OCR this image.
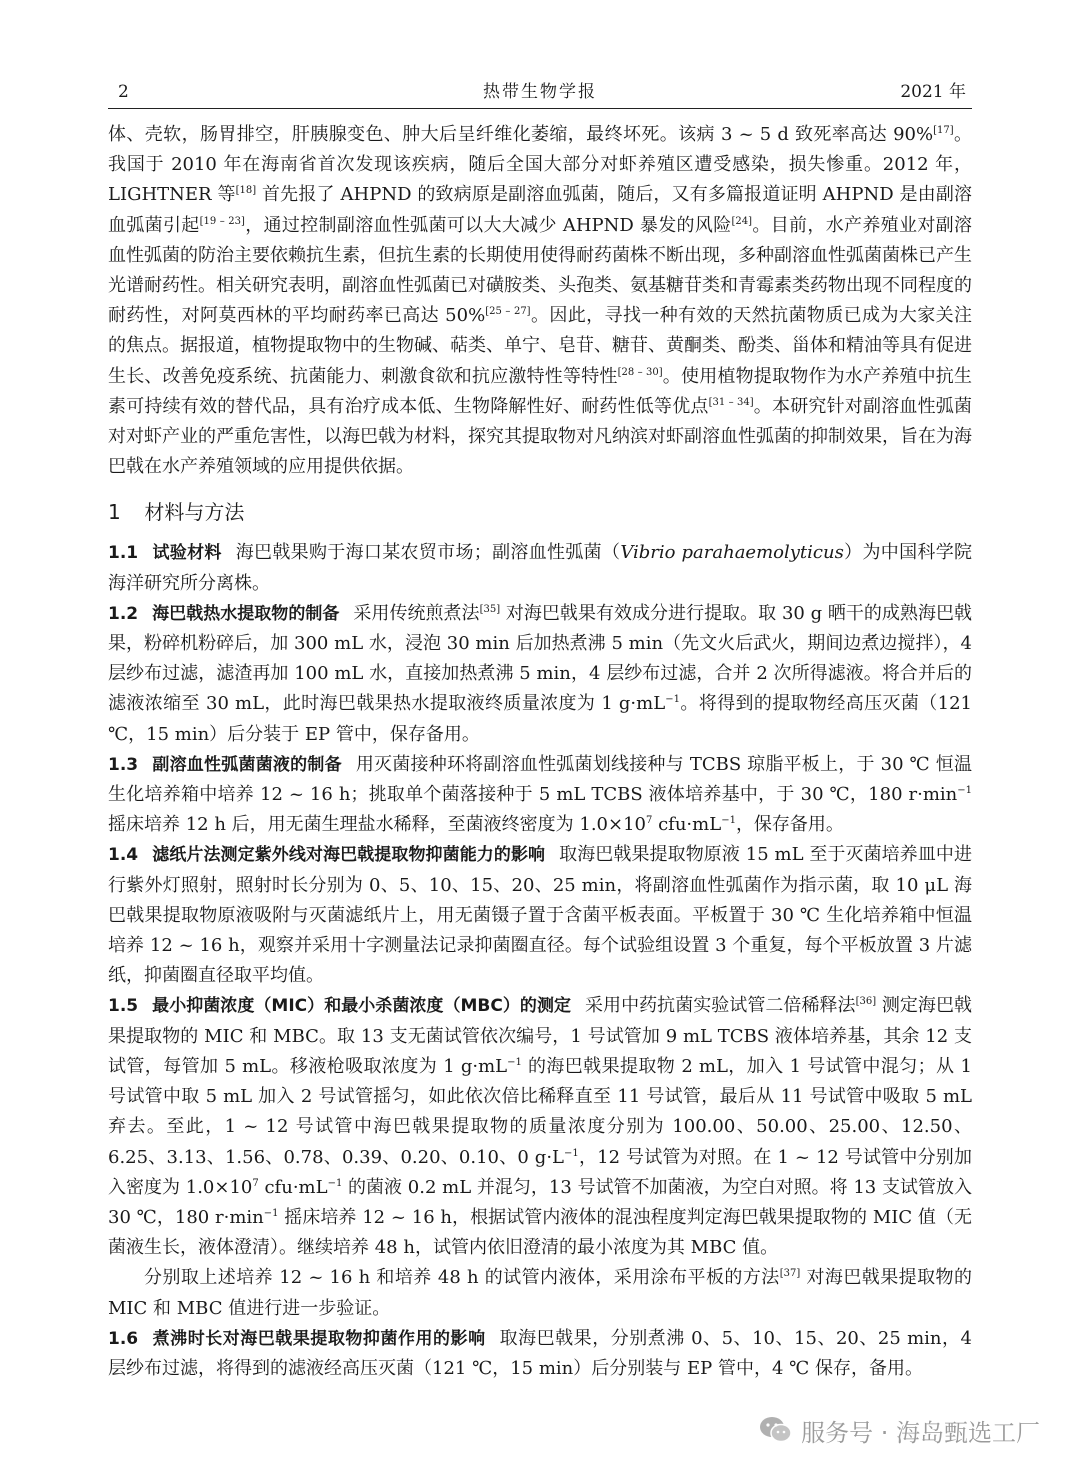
2	热带生物学报	2021 年

体、壳软，肠胃排空，肝胰腺变色、肿大后呈纤维化萎缩，最终坏死。该病 3 ~ 5 d 致死率高达 90%[17]。我国于 2010 年在海南省首次发现该疾病，随后全国大部分对虾养殖区遭受感染，损失惨重。2012 年，LIGHTNER 等[18] 首先报了 AHPND 的致病原是副溶血弧菌，随后，又有多篇报道证明 AHPND 是由副溶血弧菌引起[19 – 23]，通过控制副溶血性弧菌可以大大减少 AHPND 暴发的风险[24]。目前，水产养殖业对副溶血性弧菌的防治主要依赖抗生素，但抗生素的长期使用使得耐药菌株不断出现，多种副溶血性弧菌菌株已产生光谱耐药性。相关研究表明，副溶血性弧菌已对磺胺类、头孢类、氨基糖苷类和青霉素类药物出现不同程度的耐药性，对阿莫西林的平均耐药率已高达 50%[25 – 27]。因此，寻找一种有效的天然抗菌物质已成为大家关注的焦点。据报道，植物提取物中的生物碱、萜类、单宁、皂苷、糖苷、黄酮类、酚类、甾体和精油等具有促进生长、改善免疫系统、抗菌能力、刺激食欲和抗应激特性等特性[28 – 30]。使用植物提取物作为水产养殖中抗生素可持续有效的替代品，具有治疗成本低、生物降解性好、耐药性低等优点[31 – 34]。本研究针对副溶血性弧菌对对虾产业的严重危害性，以海巴戟为材料，探究其提取物对凡纳滨对虾副溶血性弧菌的抑制效果，旨在为海巴戟在水产养殖领域的应用提供依据。

1 材料与方法

1.1 试验材料 海巴戟果购于海口某农贸市场；副溶血性弧菌（Vibrio parahaemolyticus）为中国科学院海洋研究所分离株。

1.2 海巴戟热水提取物的制备 采用传统煎煮法[35] 对海巴戟果有效成分进行提取。取 30 g 晒干的成熟海巴戟果，粉碎机粉碎后，加 300 mL 水，浸泡 30 min 后加热煮沸 5 min（先文火后武火，期间边煮边搅拌），4 层纱布过滤，滤渣再加 100 mL 水，直接加热煮沸 5 min，4 层纱布过滤，合并 2 次所得滤液。将合并后的滤液浓缩至 30 mL，此时海巴戟果热水提取液终质量浓度为 1 $g\cdot mL^{-1}$。将得到的提取物经高压灭菌（121 ℃，15 min）后分装于 EP 管中，保存备用。

1.3 副溶血性弧菌菌液的制备 用灭菌接种环将副溶血性弧菌划线接种与 TCBS 琼脂平板上，于 30 ℃ 恒温生化培养箱中培养 12 ~ 16 h；挑取单个菌落接种于 5 mL TCBS 液体培养基中，于 30 ℃，180 $r\cdot\min^{-1}$ 摇床培养 12 h 后，用无菌生理盐水稀释，至菌液终密度为 $1.0\times 10^7$ $cfu\cdot mL^{-1}$，保存备用。

1.4 滤纸片法测定紫外线对海巴戟提取物抑菌能力的影响 取海巴戟果提取物原液 15 mL 至于灭菌培养皿中进行紫外灯照射，照射时长分别为 0、5、10、15、20、25 min，将副溶血性弧菌作为指示菌，取 10 μL 海巴戟果提取物原液吸附与灭菌滤纸片上，用无菌镊子置于含菌平板表面。平板置于 30 ℃ 生化培养箱中恒温培养 12 ~ 16 h，观察并采用十字测量法记录抑菌圈直径。每个试验组设置 3 个重复，每个平板放置 3 片滤纸，抑菌圈直径取平均值。

1.5 最小抑菌浓度（MIC）和最小杀菌浓度（MBC）的测定 采用中药抗菌实验试管二倍稀释法[36] 测定海巴戟果提取物的 MIC 和 MBC。取 13 支无菌试管依次编号，1 号试管加 9 mL TCBS 液体培养基，其余 12 支试管，每管加 5 mL。移液枪吸取浓度为 1 $g\cdot mL^{-1}$ 的海巴戟果提取物 2 mL，加入 1 号试管中混匀；从 1 号试管中取 5 mL 加入 2 号试管摇匀，如此依次倍比稀释直至 11 号试管，最后从 11 号试管中吸取 5 mL 弃去。至此，1 ~ 12 号试管中海巴戟果提取物的质量浓度分别为 100.00、50.00、25.00、12.50、6.25、3.13、1.56、0.78、0.39、0.20、0.10、0 $g\cdot L^{-1}$，12 号试管为对照。在 1 ~ 12 号试管中分别加入密度为 $1.0\times 10^7$ $cfu\cdot mL^{-1}$ 的菌液 0.2 mL 并混匀，13 号试管不加菌液，为空白对照。将 13 支试管放入 30 ℃，180 $r\cdot\min^{-1}$ 摇床培养 12 ~ 16 h，根据试管内液体的混浊程度判定海巴戟果提取物的 MIC 值（无菌液生长，液体澄清）。继续培养 48 h，试管内依旧澄清的最小浓度为其 MBC 值。

分别取上述培养 12 ~ 16 h 和培养 48 h 的试管内液体，采用涂布平板的方法[37] 对海巴戟果提取物的 MIC 和 MBC 值进行进一步验证。

1.6 煮沸时长对海巴戟果提取物抑菌作用的影响 取海巴戟果，分别煮沸 0、5、10、15、20、25 min，4 层纱布过滤，将得到的滤液经高压灭菌（121 ℃，15 min）后分别装与 EP 管中，4 ℃ 保存，备用。

服务号 · 海岛甄选工厂
